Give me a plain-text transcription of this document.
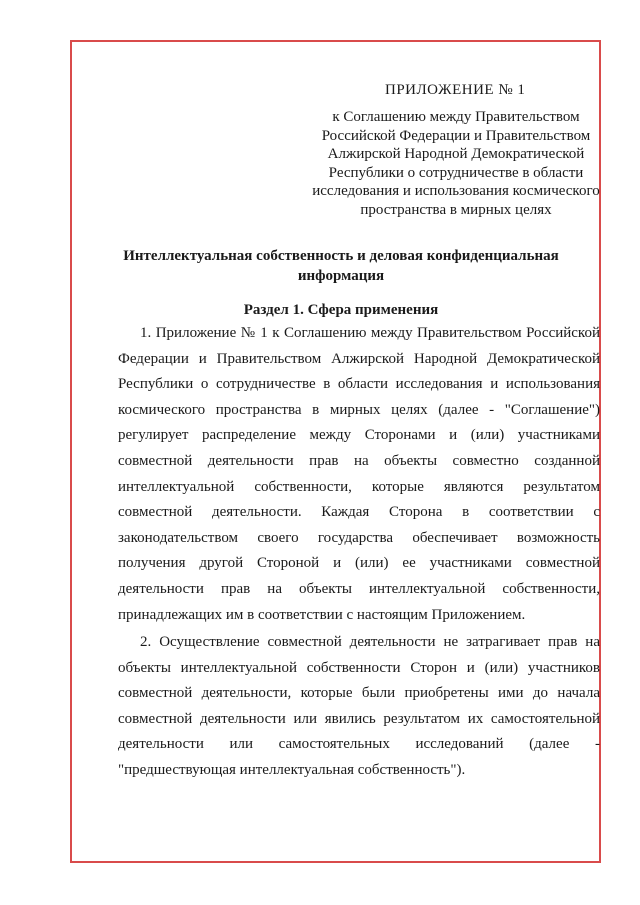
ПРИЛОЖЕНИЕ № 1
к Соглашению между Правительством Российской Федерации и Правительством Алжирской Народной Демократической Республики о сотрудничестве в области исследования и использования космического пространства в мирных целях
Интеллектуальная собственность и деловая конфиденциальная информация
Раздел 1. Сфера применения
1. Приложение № 1 к Соглашению между Правительством Российской Федерации и Правительством Алжирской Народной Демократической Республики о сотрудничестве в области исследования и использования космического пространства в мирных целях (далее - "Соглашение") регулирует распределение между Сторонами и (или) участниками совместной деятельности прав на объекты совместно созданной интеллектуальной собственности, которые являются результатом совместной деятельности. Каждая Сторона в соответствии с законодательством своего государства обеспечивает возможность получения другой Стороной и (или) ее участниками совместной деятельности прав на объекты интеллектуальной собственности, принадлежащих им в соответствии с настоящим Приложением.
2. Осуществление совместной деятельности не затрагивает прав на объекты интеллектуальной собственности Сторон и (или) участников совместной деятельности, которые были приобретены ими до начала совместной деятельности или явились результатом их самостоятельной деятельности или самостоятельных исследований (далее - "предшествующая интеллектуальная собственность").
